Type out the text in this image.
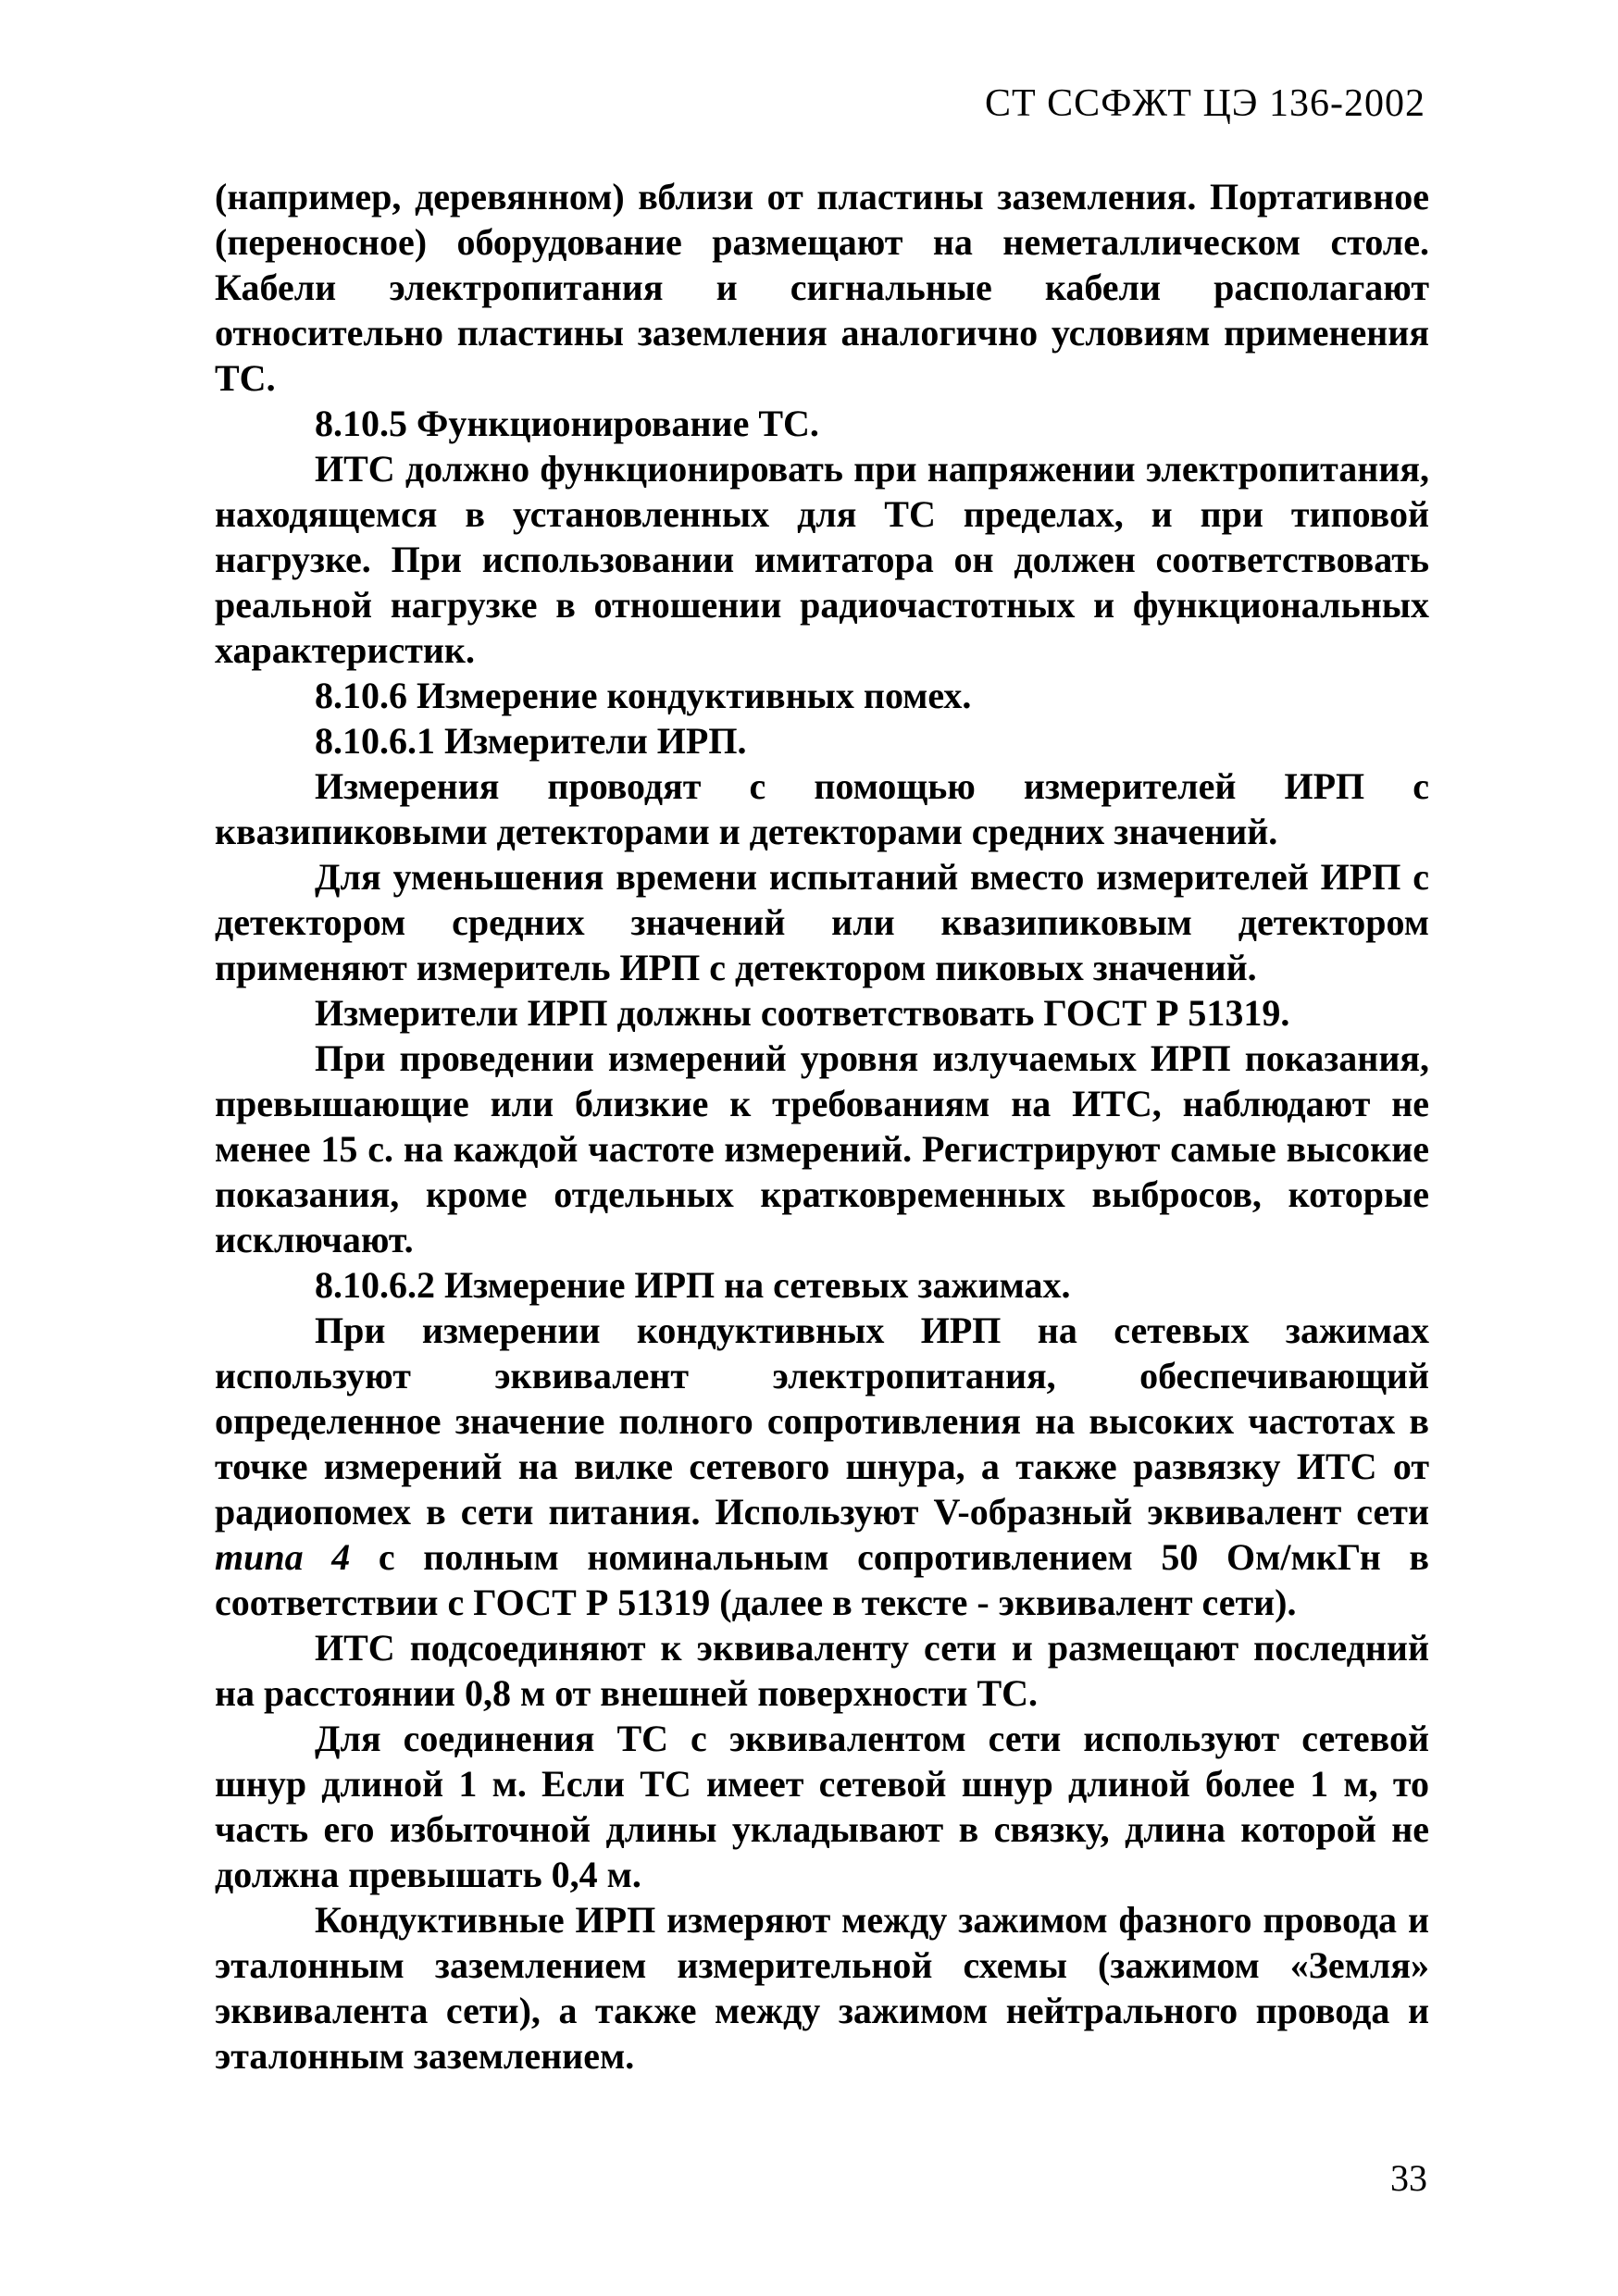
СТ ССФЖТ ЦЭ 136-2002

(например, деревянном) вблизи от пластины заземления. Портативное (переносное) оборудование размещают на неметаллическом столе. Кабели электропитания и сигнальные кабели располагают относительно пластины заземления аналогично условиям применения ТС.

8.10.5 Функционирование ТС.

ИТС должно функционировать при напряжении электропитания, находящемся в установленных для ТС пределах, и при типовой нагрузке. При использовании имитатора он должен соответствовать реальной нагрузке в отношении радиочастотных и функциональных характеристик.

8.10.6 Измерение кондуктивных помех.

8.10.6.1 Измерители ИРП.

Измерения проводят с помощью измерителей ИРП с квазипиковыми детекторами и детекторами средних значений.

Для уменьшения времени испытаний вместо измерителей ИРП с детектором средних значений или квазипиковым детектором применяют измеритель ИРП с детектором пиковых значений.

Измерители ИРП должны соответствовать ГОСТ Р 51319.

При проведении измерений уровня излучаемых ИРП показания, превышающие или близкие к требованиям на ИТС, наблюдают не менее 15 с. на каждой частоте измерений. Регистрируют самые высокие показания, кроме отдельных кратковременных выбросов, которые исключают.

8.10.6.2 Измерение ИРП на сетевых зажимах.

При измерении кондуктивных ИРП на сетевых зажимах используют эквивалент электропитания, обеспечивающий определенное значение полного сопротивления на высоких частотах в точке измерений на вилке сетевого шнура, а также развязку ИТС от радиопомех в сети питания. Используют V-образный эквивалент сети типа 4 с полным номинальным сопротивлением 50 Ом/мкГн в соответствии с ГОСТ Р 51319 (далее в тексте - эквивалент сети).

ИТС подсоединяют к эквиваленту сети и размещают последний на расстоянии 0,8 м от внешней поверхности ТС.

Для соединения ТС с эквивалентом сети используют сетевой шнур длиной 1 м. Если ТС имеет сетевой шнур длиной более 1 м, то часть его избыточной длины укладывают в связку, длина которой не должна превышать 0,4 м.

Кондуктивные ИРП измеряют между зажимом фазного провода и эталонным заземлением измерительной схемы (зажимом «Земля» эквивалента сети), а также между зажимом нейтрального провода и эталонным заземлением.

33
